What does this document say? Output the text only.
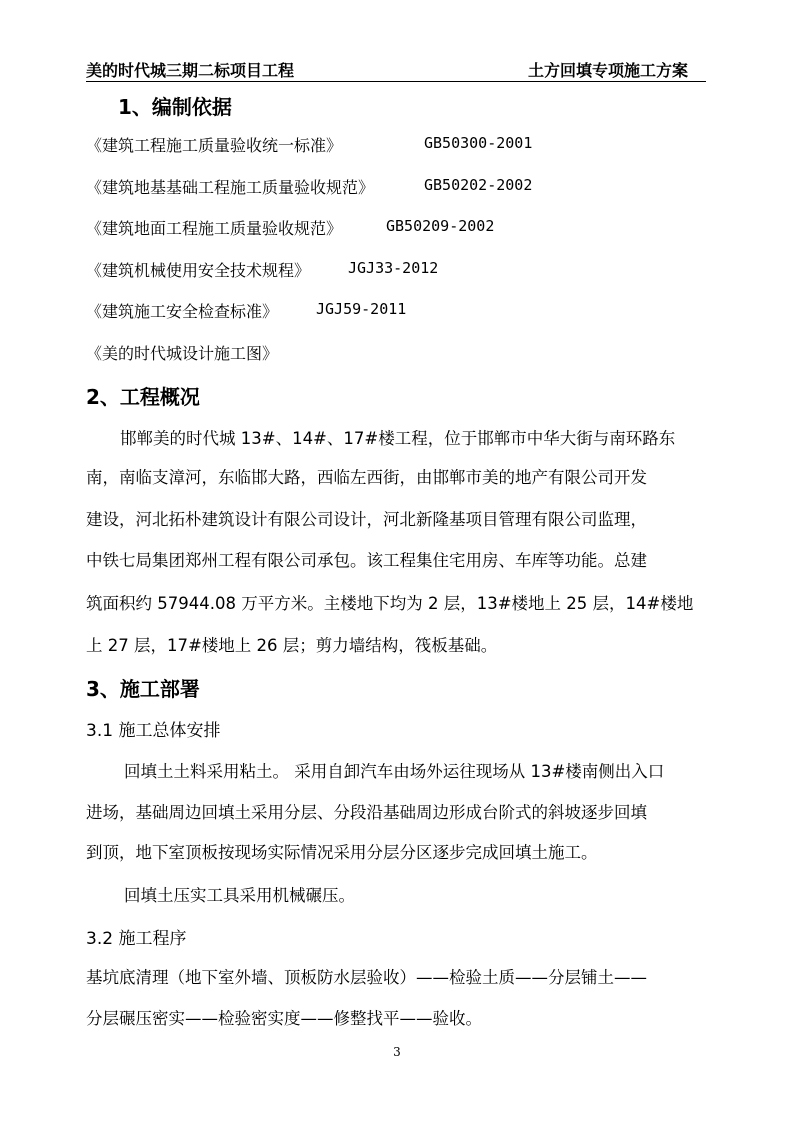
美的时代城三期二标项目工程	土方回填专项施工方案
1、编制依据
《建筑工程施工质量验收统一标准》	GB50300-2001
《建筑地基基础工程施工质量验收规范》	GB50202-2002
《建筑地面工程施工质量验收规范》	GB50209-2002
《建筑机械使用安全技术规程》	JGJ33-2012
《建筑施工安全检查标准》	JGJ59-2011
《美的时代城设计施工图》
2、工程概况
邯郸美的时代城 13#、14#、17#楼工程，位于邯郸市中华大街与南环路东
南，南临支漳河，东临邯大路，西临左西街，由邯郸市美的地产有限公司开发
建设，河北拓朴建筑设计有限公司设计，河北新隆基项目管理有限公司监理，
中铁七局集团郑州工程有限公司承包。该工程集住宅用房、车库等功能。总建
筑面积约 57944.08 万平方米。主楼地下均为 2 层，13#楼地上 25 层，14#楼地
上 27 层，17#楼地上 26 层；剪力墙结构，筏板基础。
3、施工部署
3.1 施工总体安排
回填土土料采用粘土。 采用自卸汽车由场外运往现场从 13#楼南侧出入口
进场，基础周边回填土采用分层、分段沿基础周边形成台阶式的斜坡逐步回填
到顶，地下室顶板按现场实际情况采用分层分区逐步完成回填土施工。
回填土压实工具采用机械碾压。
3.2 施工程序
基坑底清理（地下室外墙、顶板防水层验收）——检验土质——分层铺土——
分层碾压密实——检验密实度——修整找平——验收。
3
